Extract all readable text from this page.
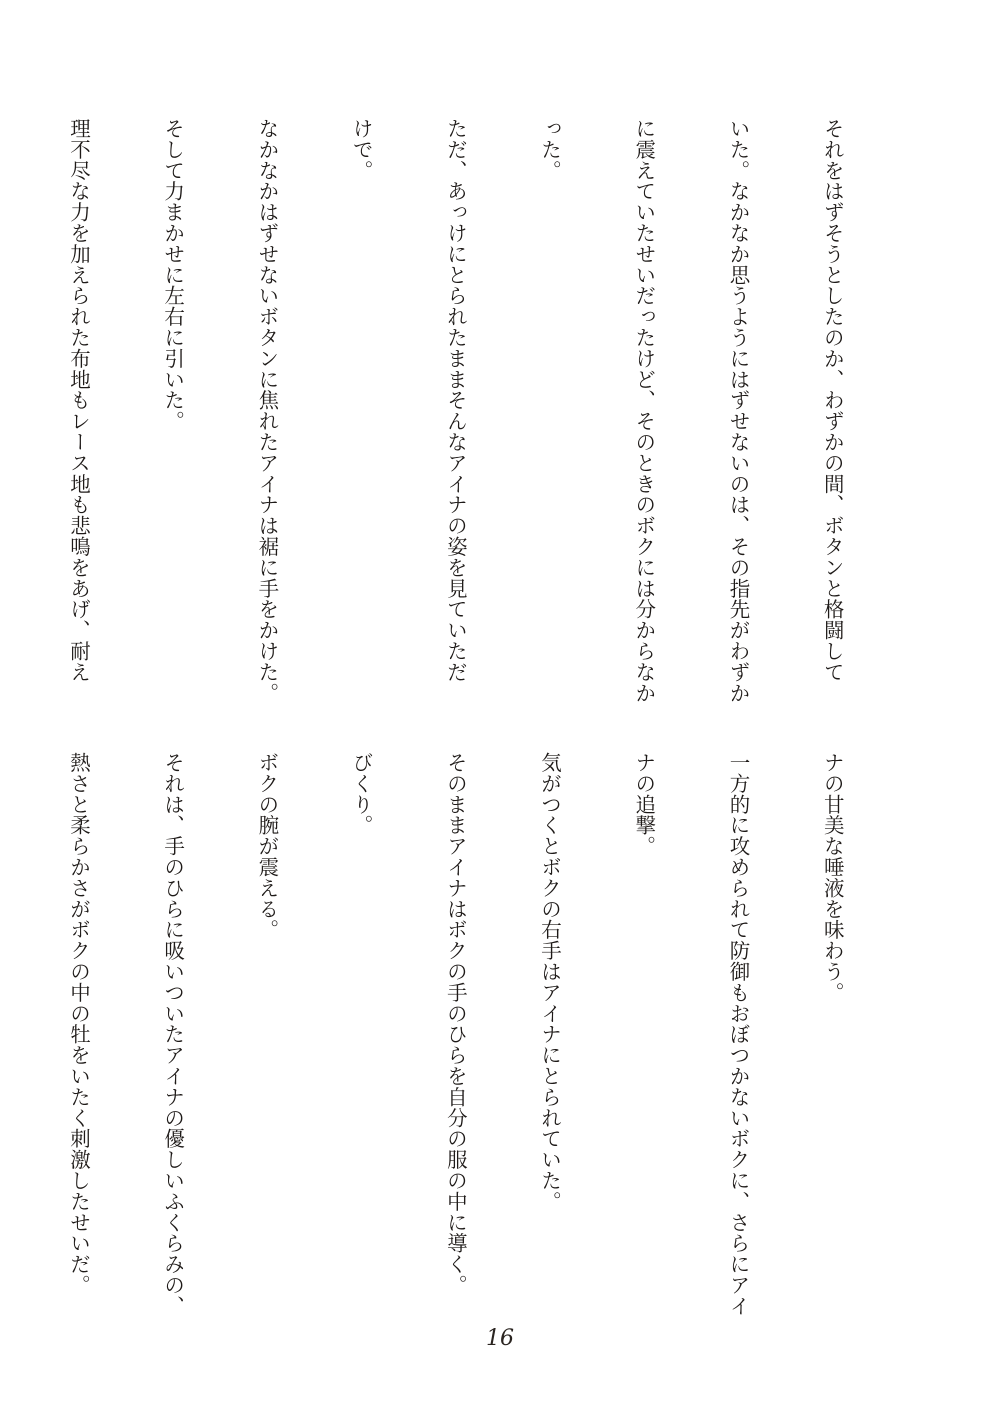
それをはずそうとしたのか、わずかの間、ボタンと格闘して

いた。なかなか思うようにはずせないのは、その指先がわずか

に震えていたせいだったけど、そのときのボクには分からなか

った。

ただ、あっけにとられたままそんなアイナの姿を見ていただ

けで。

なかなかはずせないボタンに焦れたアイナは裾に手をかけた。

そして力まかせに左右に引いた。

理不尽な力を加えられた布地もレース地も悲鳴をあげ、耐え

ナの甘美な唾液を味わう。

一方的に攻められて防御もおぼつかないボクに、さらにアイ

ナの追撃。

気がつくとボクの右手はアイナにとられていた。

そのままアイナはボクの手のひらを自分の服の中に導く。

びくり。

ボクの腕が震える。

それは、手のひらに吸いついたアイナの優しいふくらみの、

熱さと柔らかさがボクの中の牡をいたく刺激したせいだ。

16
